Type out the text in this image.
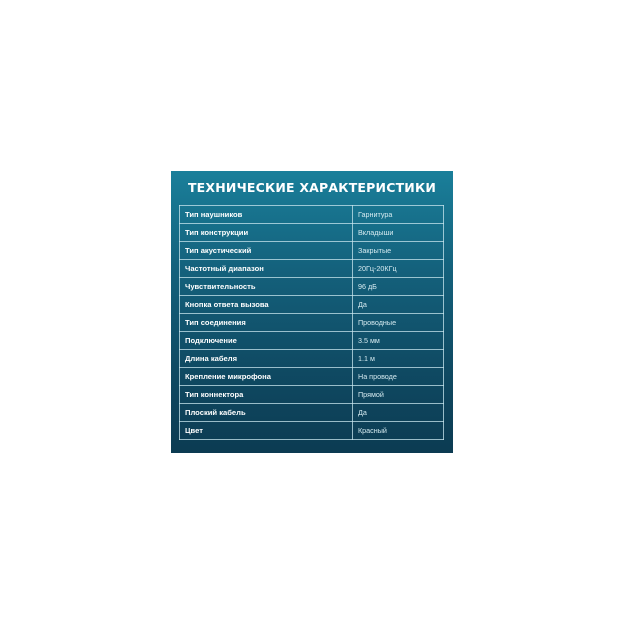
ТЕХНИЧЕСКИЕ ХАРАКТЕРИСТИКИ
Тип наушников	Гарнитура
Тип конструкции	Вкладыши
Тип акустический	Закрытые
Частотный диапазон	20Гц-20КГц
Чувствительность	96 дБ
Кнопка ответа вызова	Да
Тип соединения	Проводные
Подключение	3.5 мм
Длина кабеля	1.1 м
Крепление микрофона	На проводе
Тип коннектора	Прямой
Плоский кабель	Да
Цвет	Красный
